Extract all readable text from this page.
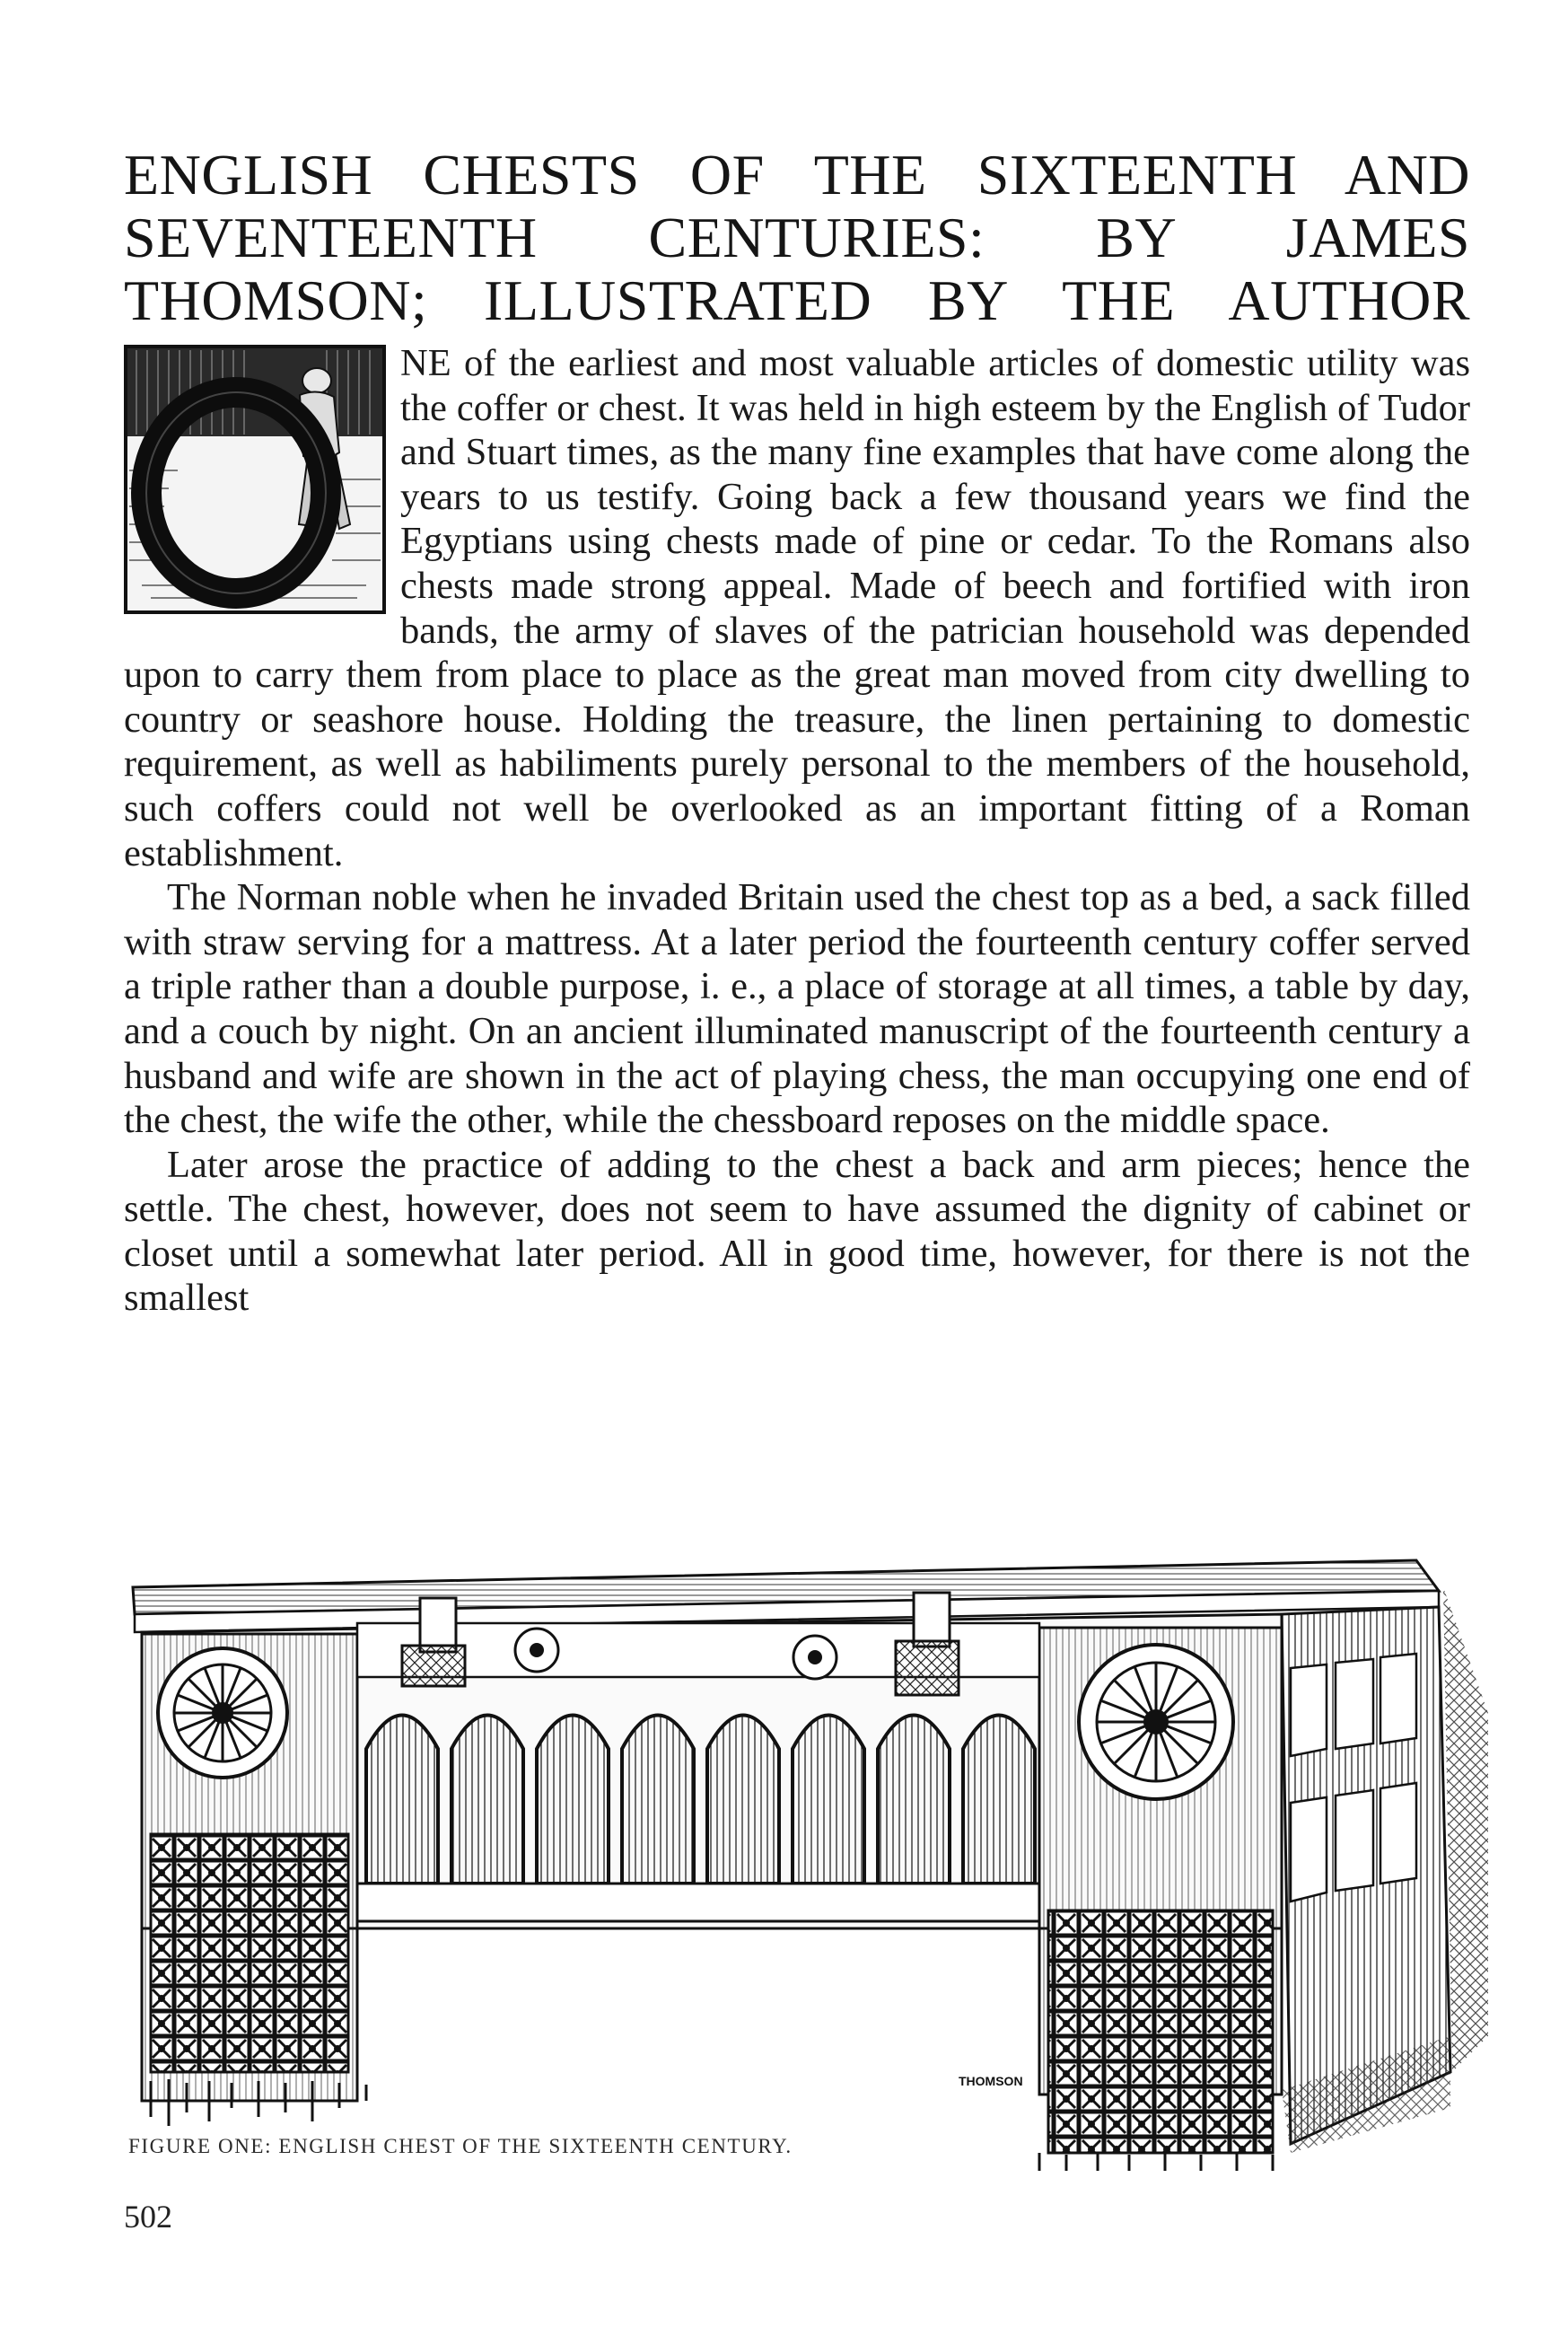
ENGLISH CHESTS OF THE SIXTEENTH AND
SEVENTEENTH CENTURIES: BY JAMES
THOMSON; ILLUSTRATED BY THE AUTHOR

NE of the earliest and most valuable articles of domestic utility was the coffer or chest. It was held in high esteem by the English of Tudor and Stuart times, as the many fine examples that have come along the years to us testify. Going back a few thousand years we find the Egyptians using chests made of pine or cedar. To the Romans also chests made strong appeal. Made of beech and fortified with iron bands, the army of slaves of the patrician household was depended upon to carry them from place to place as the great man moved from city dwelling to country or seashore house. Holding the treasure, the linen pertaining to domestic requirement, as well as habiliments purely personal to the members of the household, such coffers could not well be overlooked as an important fitting of a Roman establishment.

The Norman noble when he invaded Britain used the chest top as a bed, a sack filled with straw serving for a mattress. At a later period the fourteenth century coffer served a triple rather than a double purpose, i. e., a place of storage at all times, a table by day, and a couch by night. On an ancient illuminated manuscript of the fourteenth century a husband and wife are shown in the act of playing chess, the man occupying one end of the chest, the wife the other, while the chessboard reposes on the middle space.

Later arose the practice of adding to the chest a back and arm pieces; hence the settle. The chest, however, does not seem to have assumed the dignity of cabinet or closet until a somewhat later period. All in good time, however, for there is not the smallest

THOMSON
FIGURE ONE: ENGLISH CHEST OF THE SIXTEENTH CENTURY.
502
